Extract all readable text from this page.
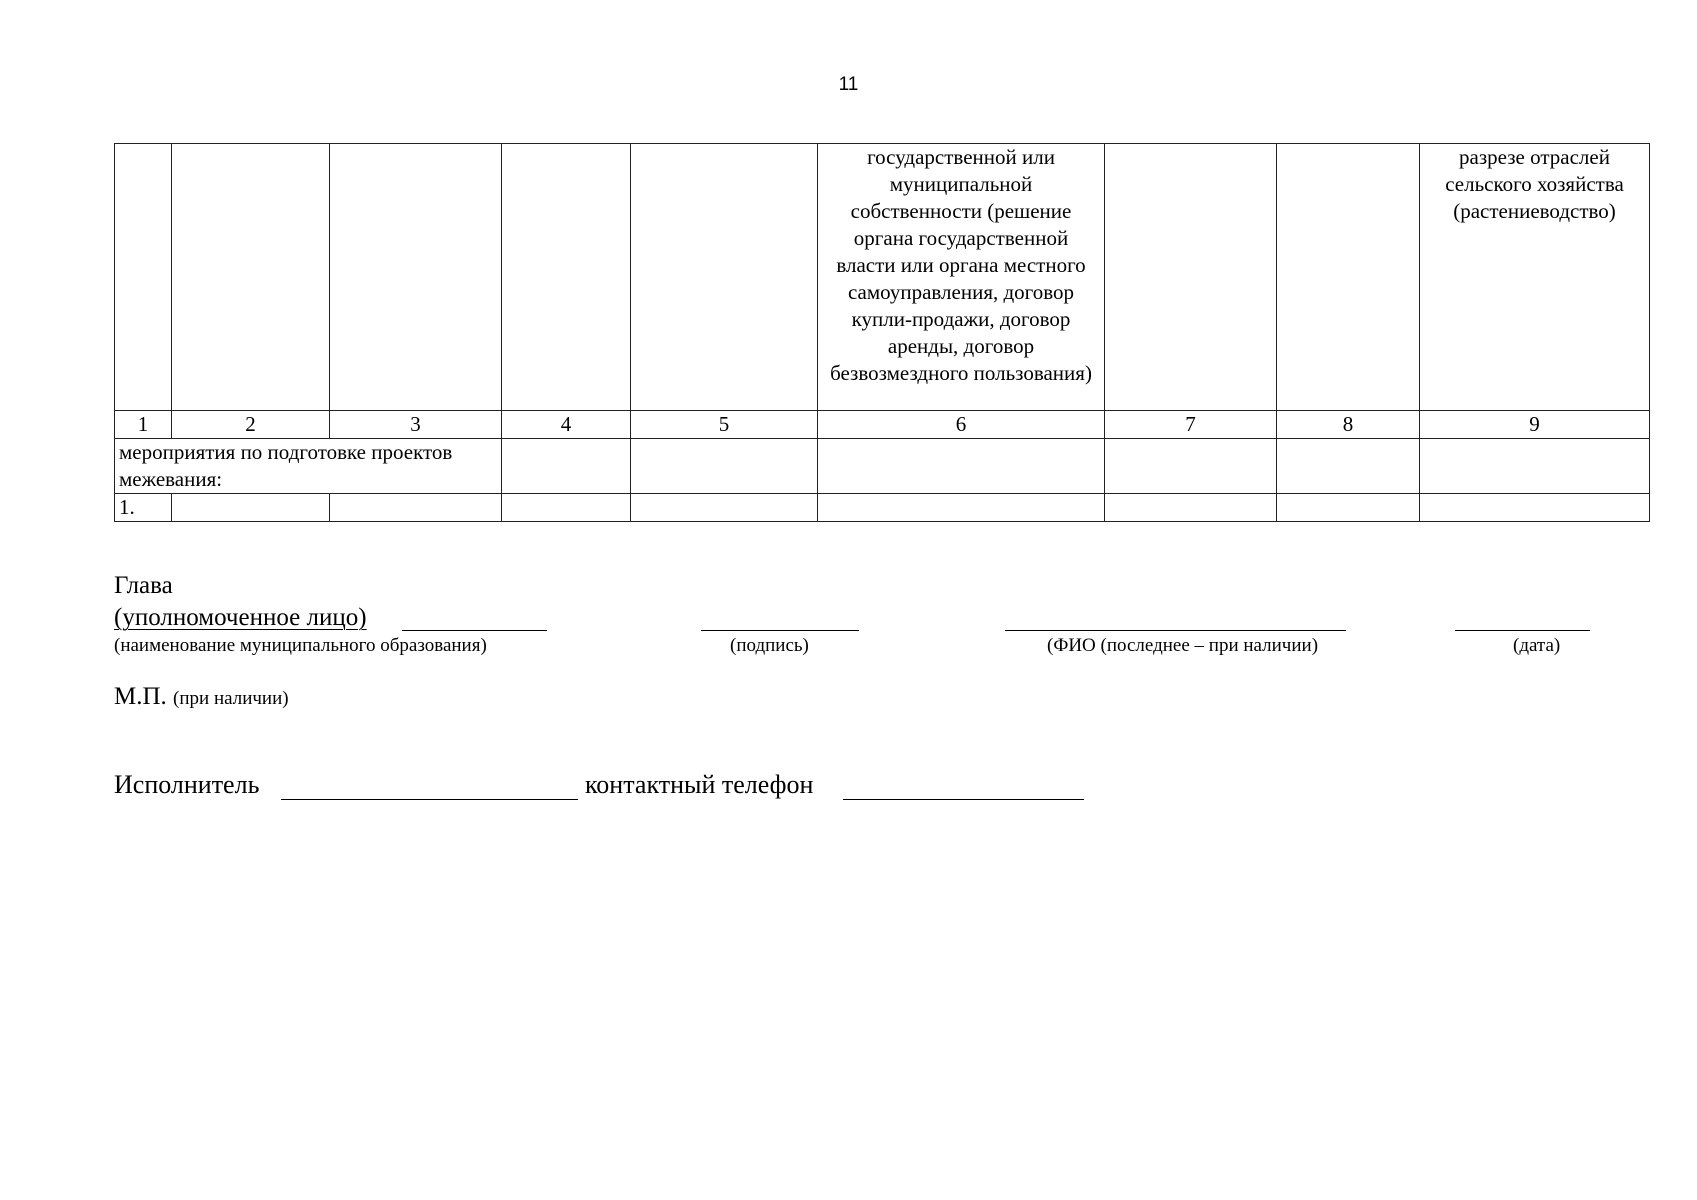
11
					государственной или муниципальной собственности (решение органа государственной власти или органа местного самоуправления, договор купли-продажи, договор аренды, договор безвозмездного пользования)			разрезе отраслей сельского хозяйства (растениеводство)
1	2	3	4	5	6	7	8	9
мероприятия по подготовке проектов межевания:								
1.								
Глава
(уполномоченное лицо)
(наименование муниципального образования)	(подпись)	(ФИО (последнее – при наличии)	(дата)
М.П. (при наличии)
Исполнитель	контактный телефон
